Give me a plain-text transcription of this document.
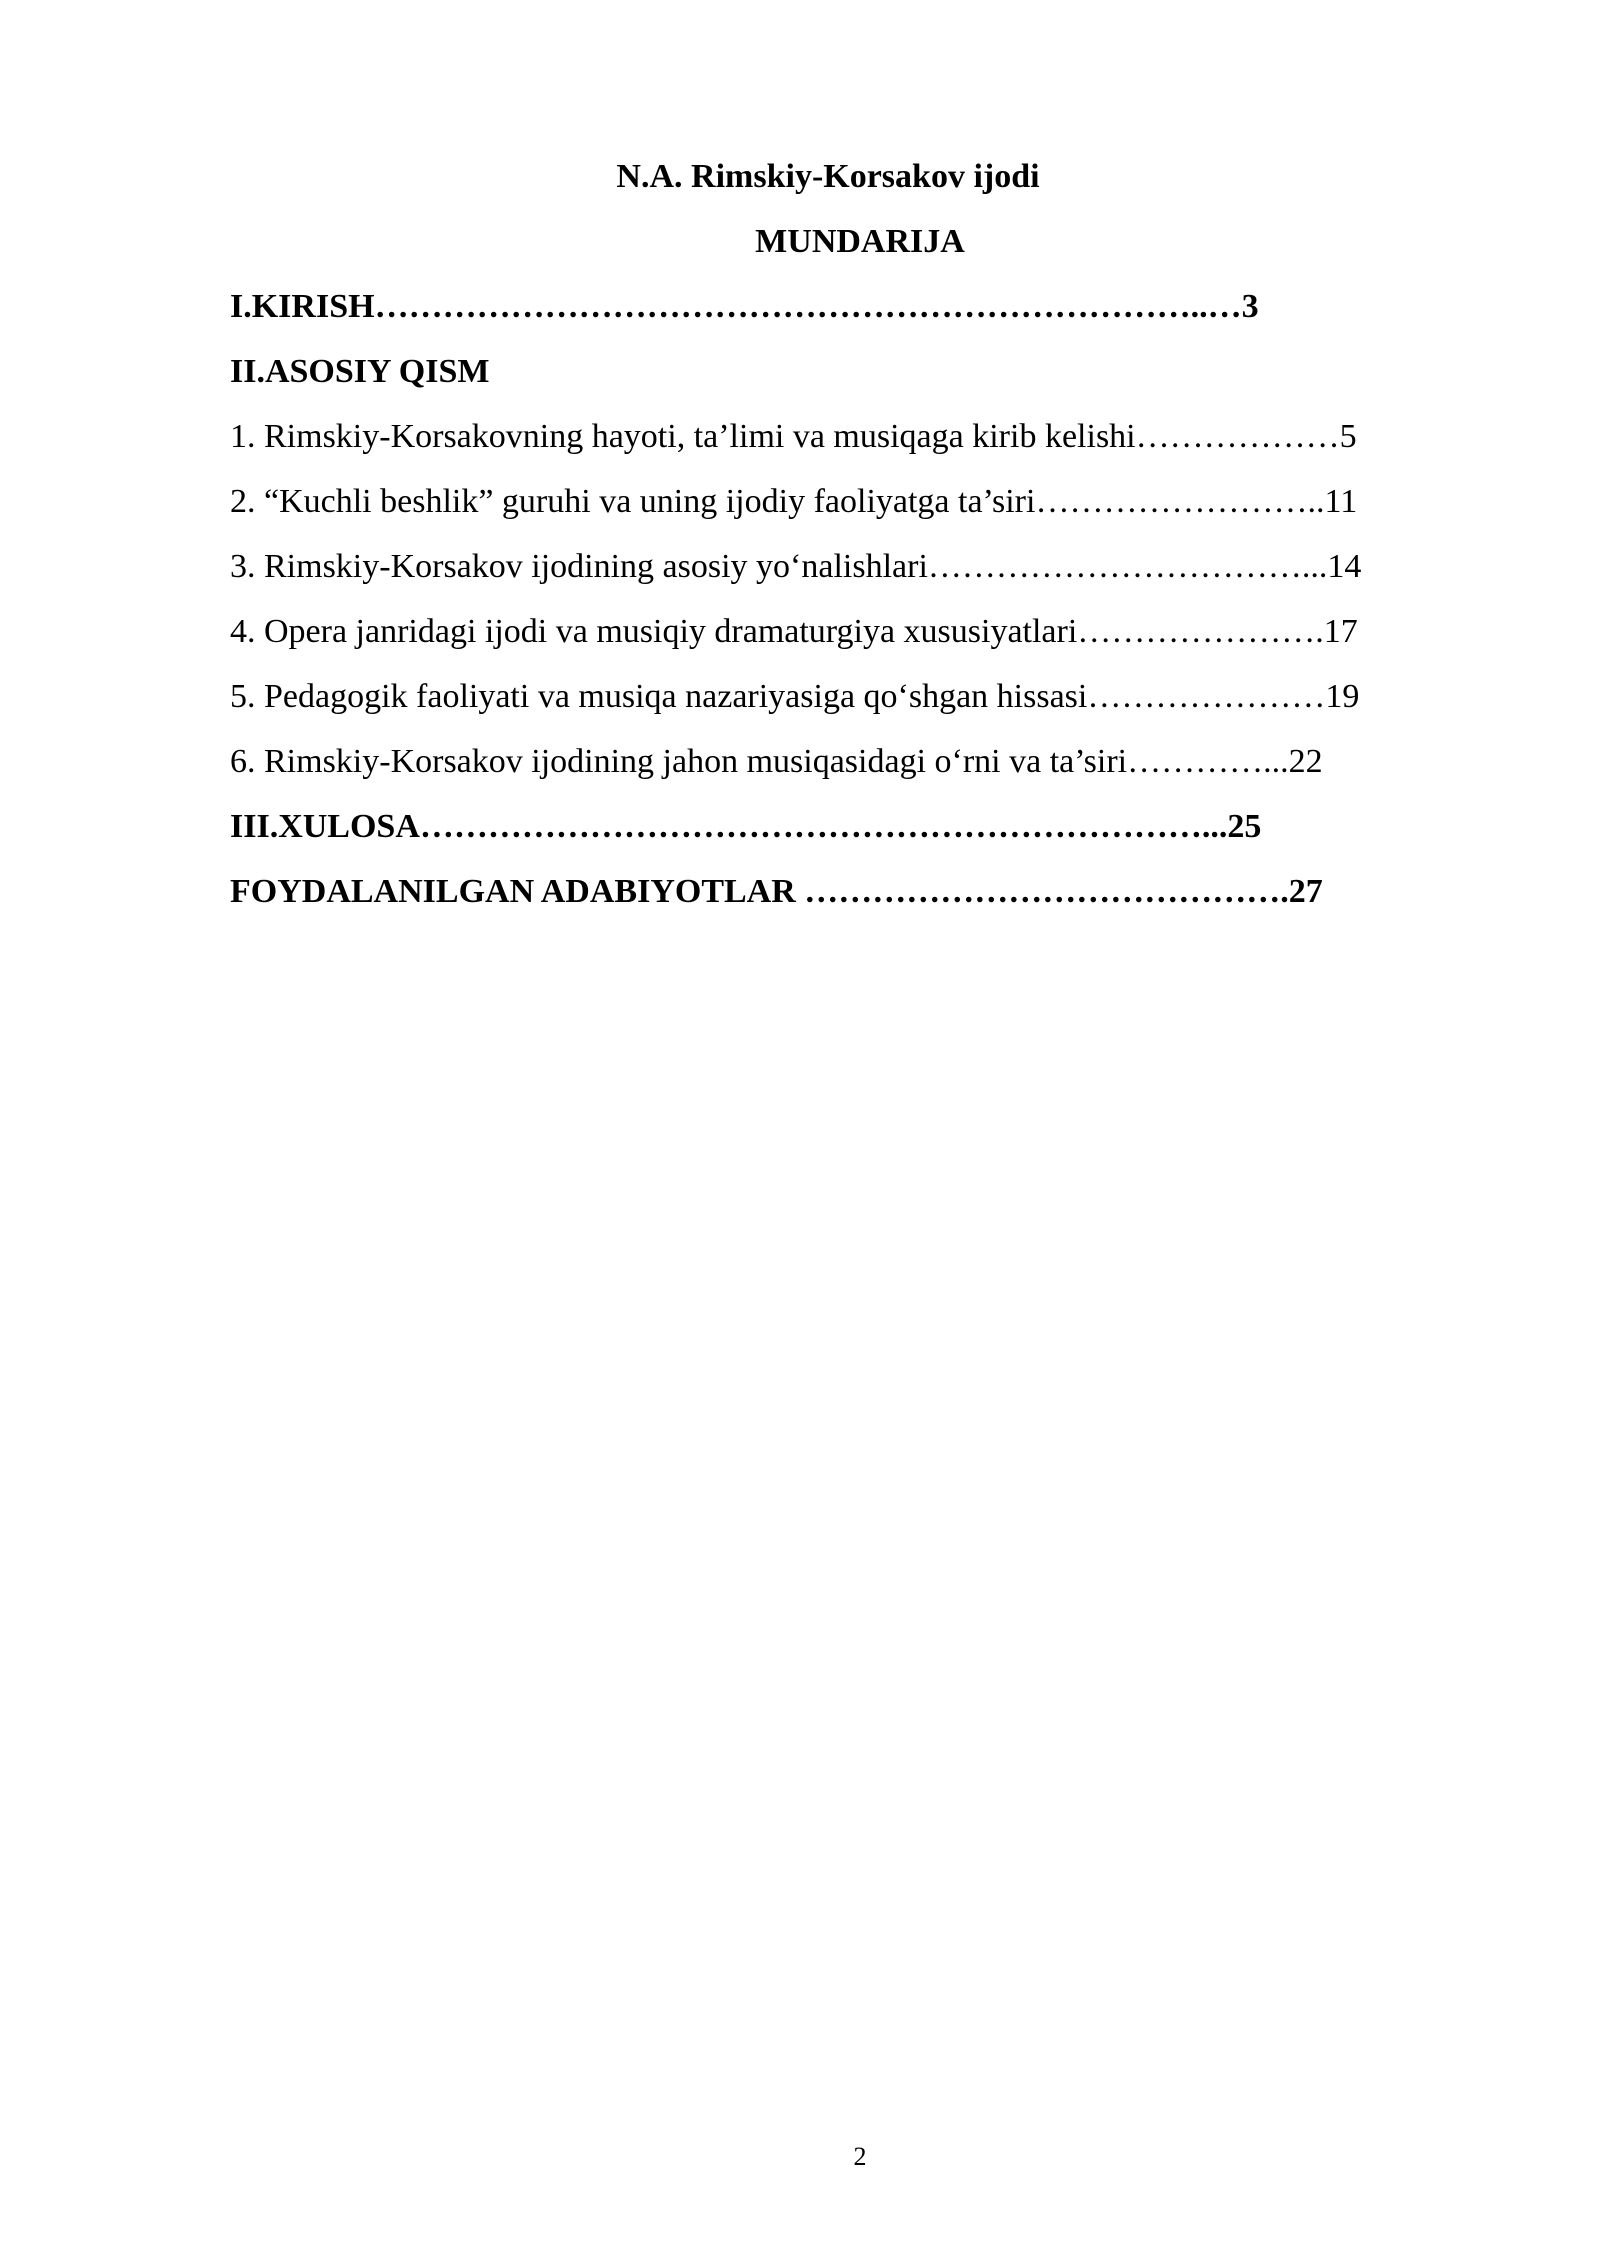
N.A. Rimskiy-Korsakov ijodi
MUNDARIJA
I.KIRISH………………………………………………………………..…3
II.ASOSIY QISM
1. Rimskiy-Korsakovning hayoti, ta’limi va musiqaga kirib kelishi………………5
2. “Kuchli beshlik” guruhi va uning ijodiy faoliyatga ta’siri……………………..11
3. Rimskiy-Korsakov ijodining asosiy yo‘nalishlari……………………………...14
4. Opera janridagi ijodi va musiqiy dramaturgiya xususiyatlari………………….17
5. Pedagogik faoliyati va musiqa nazariyasiga qo‘shgan hissasi…………………19
6. Rimskiy-Korsakov ijodining jahon musiqasidagi o‘rni va ta’siri…………...22
III.XULOSA……………………………………………………………...25
FOYDALANILGAN ADABIYOTLAR …………………………………….27
2
